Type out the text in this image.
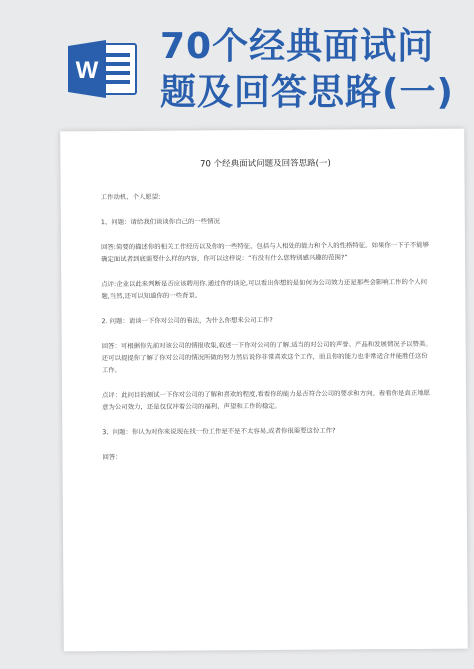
W
70个经典面试问题及回答思路(一)
70 个经典面试问题及回答思路(一)

工作动机、个人愿望:

1、问题：请给我们谈谈你自己的一些情况

回答:简要的描述你的相关工作经历以及你的一些特征，包括与人相处的能力和个人的性格特征。如果你一下子不能够确定面试者到底需要什么样的内容，你可以这样说：“有没有什么您特别感兴趣的范围?”

点评:企业以此来判断是否应该聘用你.通过你的谈论,可以看出你想的是如何为公司效力还是那些会影响工作的个人问题,当然,还可以知道你的一些背景。

2. 问题：请谈一下你对公司的看法，为什么你想来公司工作?

回答：可根据你先前对该公司的情报收集,叙述一下你对公司的了解.适当的对公司的声誉、产品和发展情况予以赞美。还可以提提你了解了你对公司的情况所做的努力然后说你非常喜欢这个工作，而且你的能力也非常适合并能胜任这份工作。

点评：此问目的测试一下你对公司的了解和喜欢的程度,看看你的能力是否符合公司的要求和方向。看看你是真正地愿意为公司效力，还是仅仅冲着公司的福利、声望和工作的稳定。

3、问题：你认为对你来说现在找一份工作是不是不太容易,或者你很需要这份工作?

回答：
